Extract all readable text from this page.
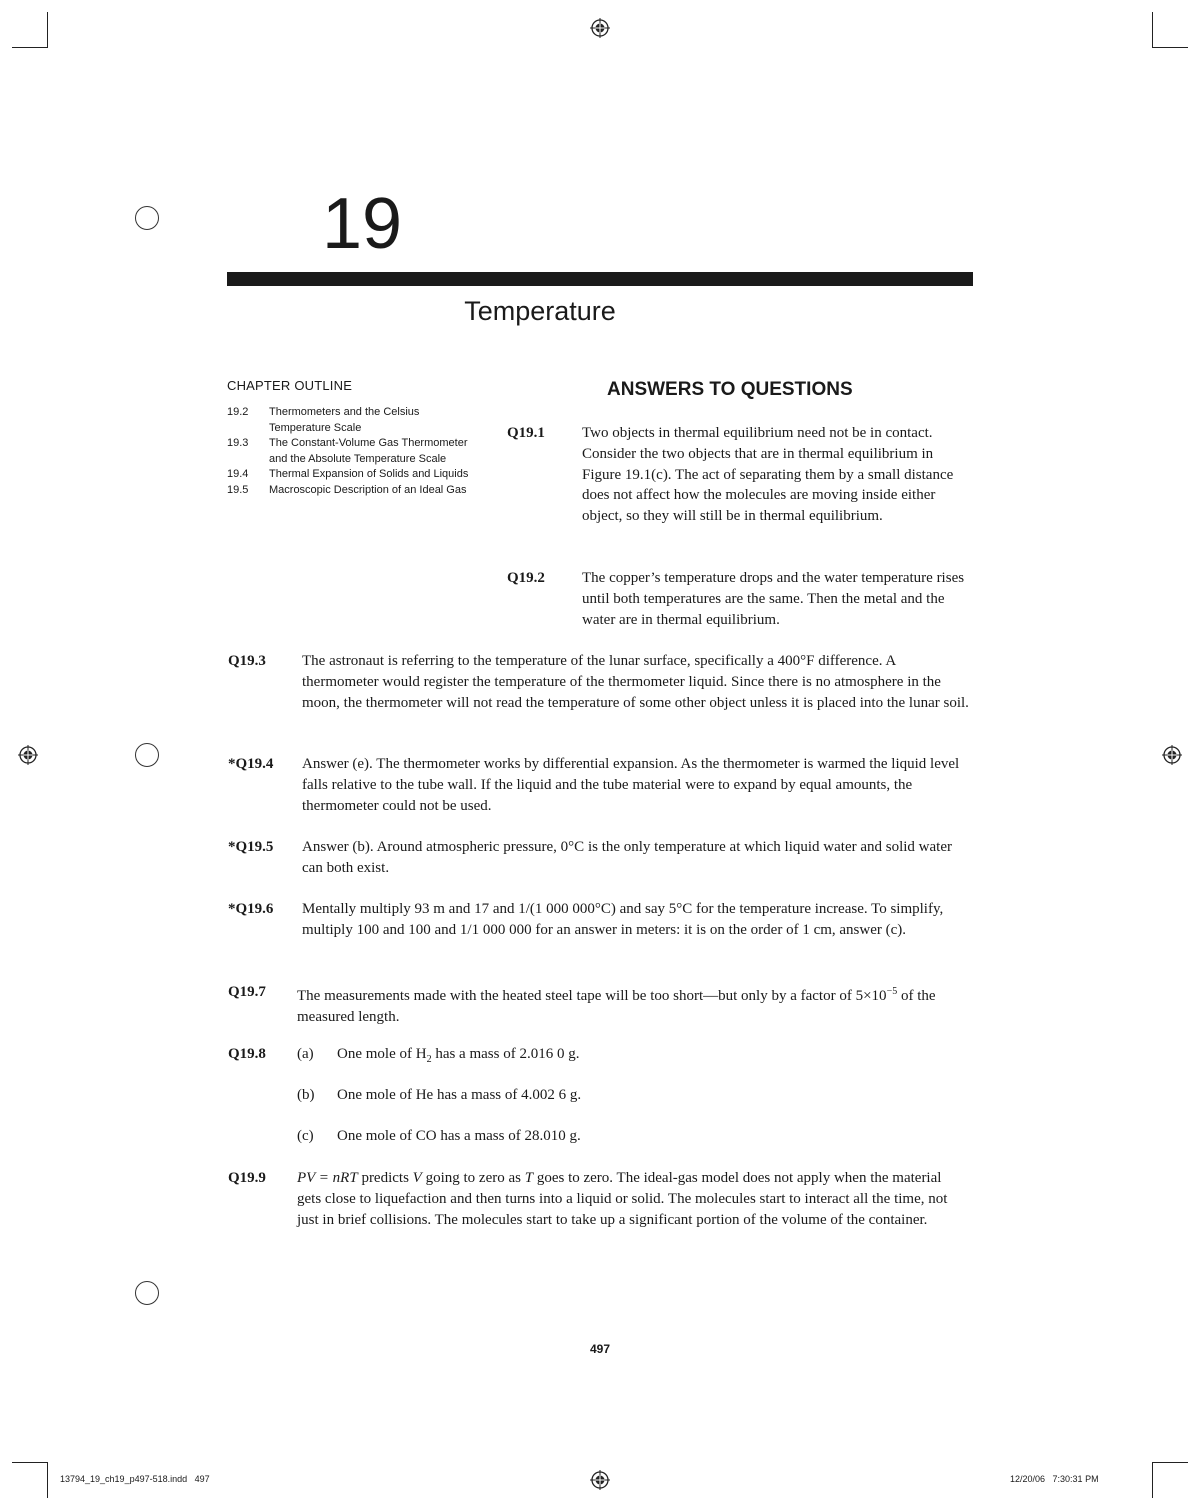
19
Temperature
CHAPTER OUTLINE
19.2	Thermometers and the Celsius Temperature Scale
19.3	The Constant-Volume Gas Thermometer and the Absolute Temperature Scale
19.4	Thermal Expansion of Solids and Liquids
19.5	Macroscopic Description of an Ideal Gas
ANSWERS TO QUESTIONS
Q19.1 Two objects in thermal equilibrium need not be in contact. Consider the two objects that are in thermal equilibrium in Figure 19.1(c). The act of separating them by a small distance does not affect how the molecules are moving inside either object, so they will still be in thermal equilibrium.
Q19.2 The copper’s temperature drops and the water temperature rises until both temperatures are the same. Then the metal and the water are in thermal equilibrium.
Q19.3 The astronaut is referring to the temperature of the lunar surface, specifically a 400°F difference. A thermometer would register the temperature of the thermometer liquid. Since there is no atmosphere in the moon, the thermometer will not read the temperature of some other object unless it is placed into the lunar soil.
*Q19.4 Answer (e). The thermometer works by differential expansion. As the thermometer is warmed the liquid level falls relative to the tube wall. If the liquid and the tube material were to expand by equal amounts, the thermometer could not be used.
*Q19.5 Answer (b). Around atmospheric pressure, 0°C is the only temperature at which liquid water and solid water can both exist.
*Q19.6 Mentally multiply 93 m and 17 and 1/(1 000 000°C) and say 5°C for the temperature increase. To simplify, multiply 100 and 100 and 1/1 000 000 for an answer in meters: it is on the order of 1 cm, answer (c).
Q19.7 The measurements made with the heated steel tape will be too short—but only by a factor of $5\times 10^{-5}$ of the measured length.
Q19.8 (a) One mole of $H_2$ has a mass of 2.016 0 g.
(b) One mole of He has a mass of 4.002 6 g.
(c) One mole of CO has a mass of 28.010 g.
Q19.9 PV = nRT predicts V going to zero as T goes to zero. The ideal-gas model does not apply when the material gets close to liquefaction and then turns into a liquid or solid. The molecules start to interact all the time, not just in brief collisions. The molecules start to take up a significant portion of the volume of the container.
497
13794_19_ch19_p497-518.indd   497	12/20/06   7:30:31 PM
